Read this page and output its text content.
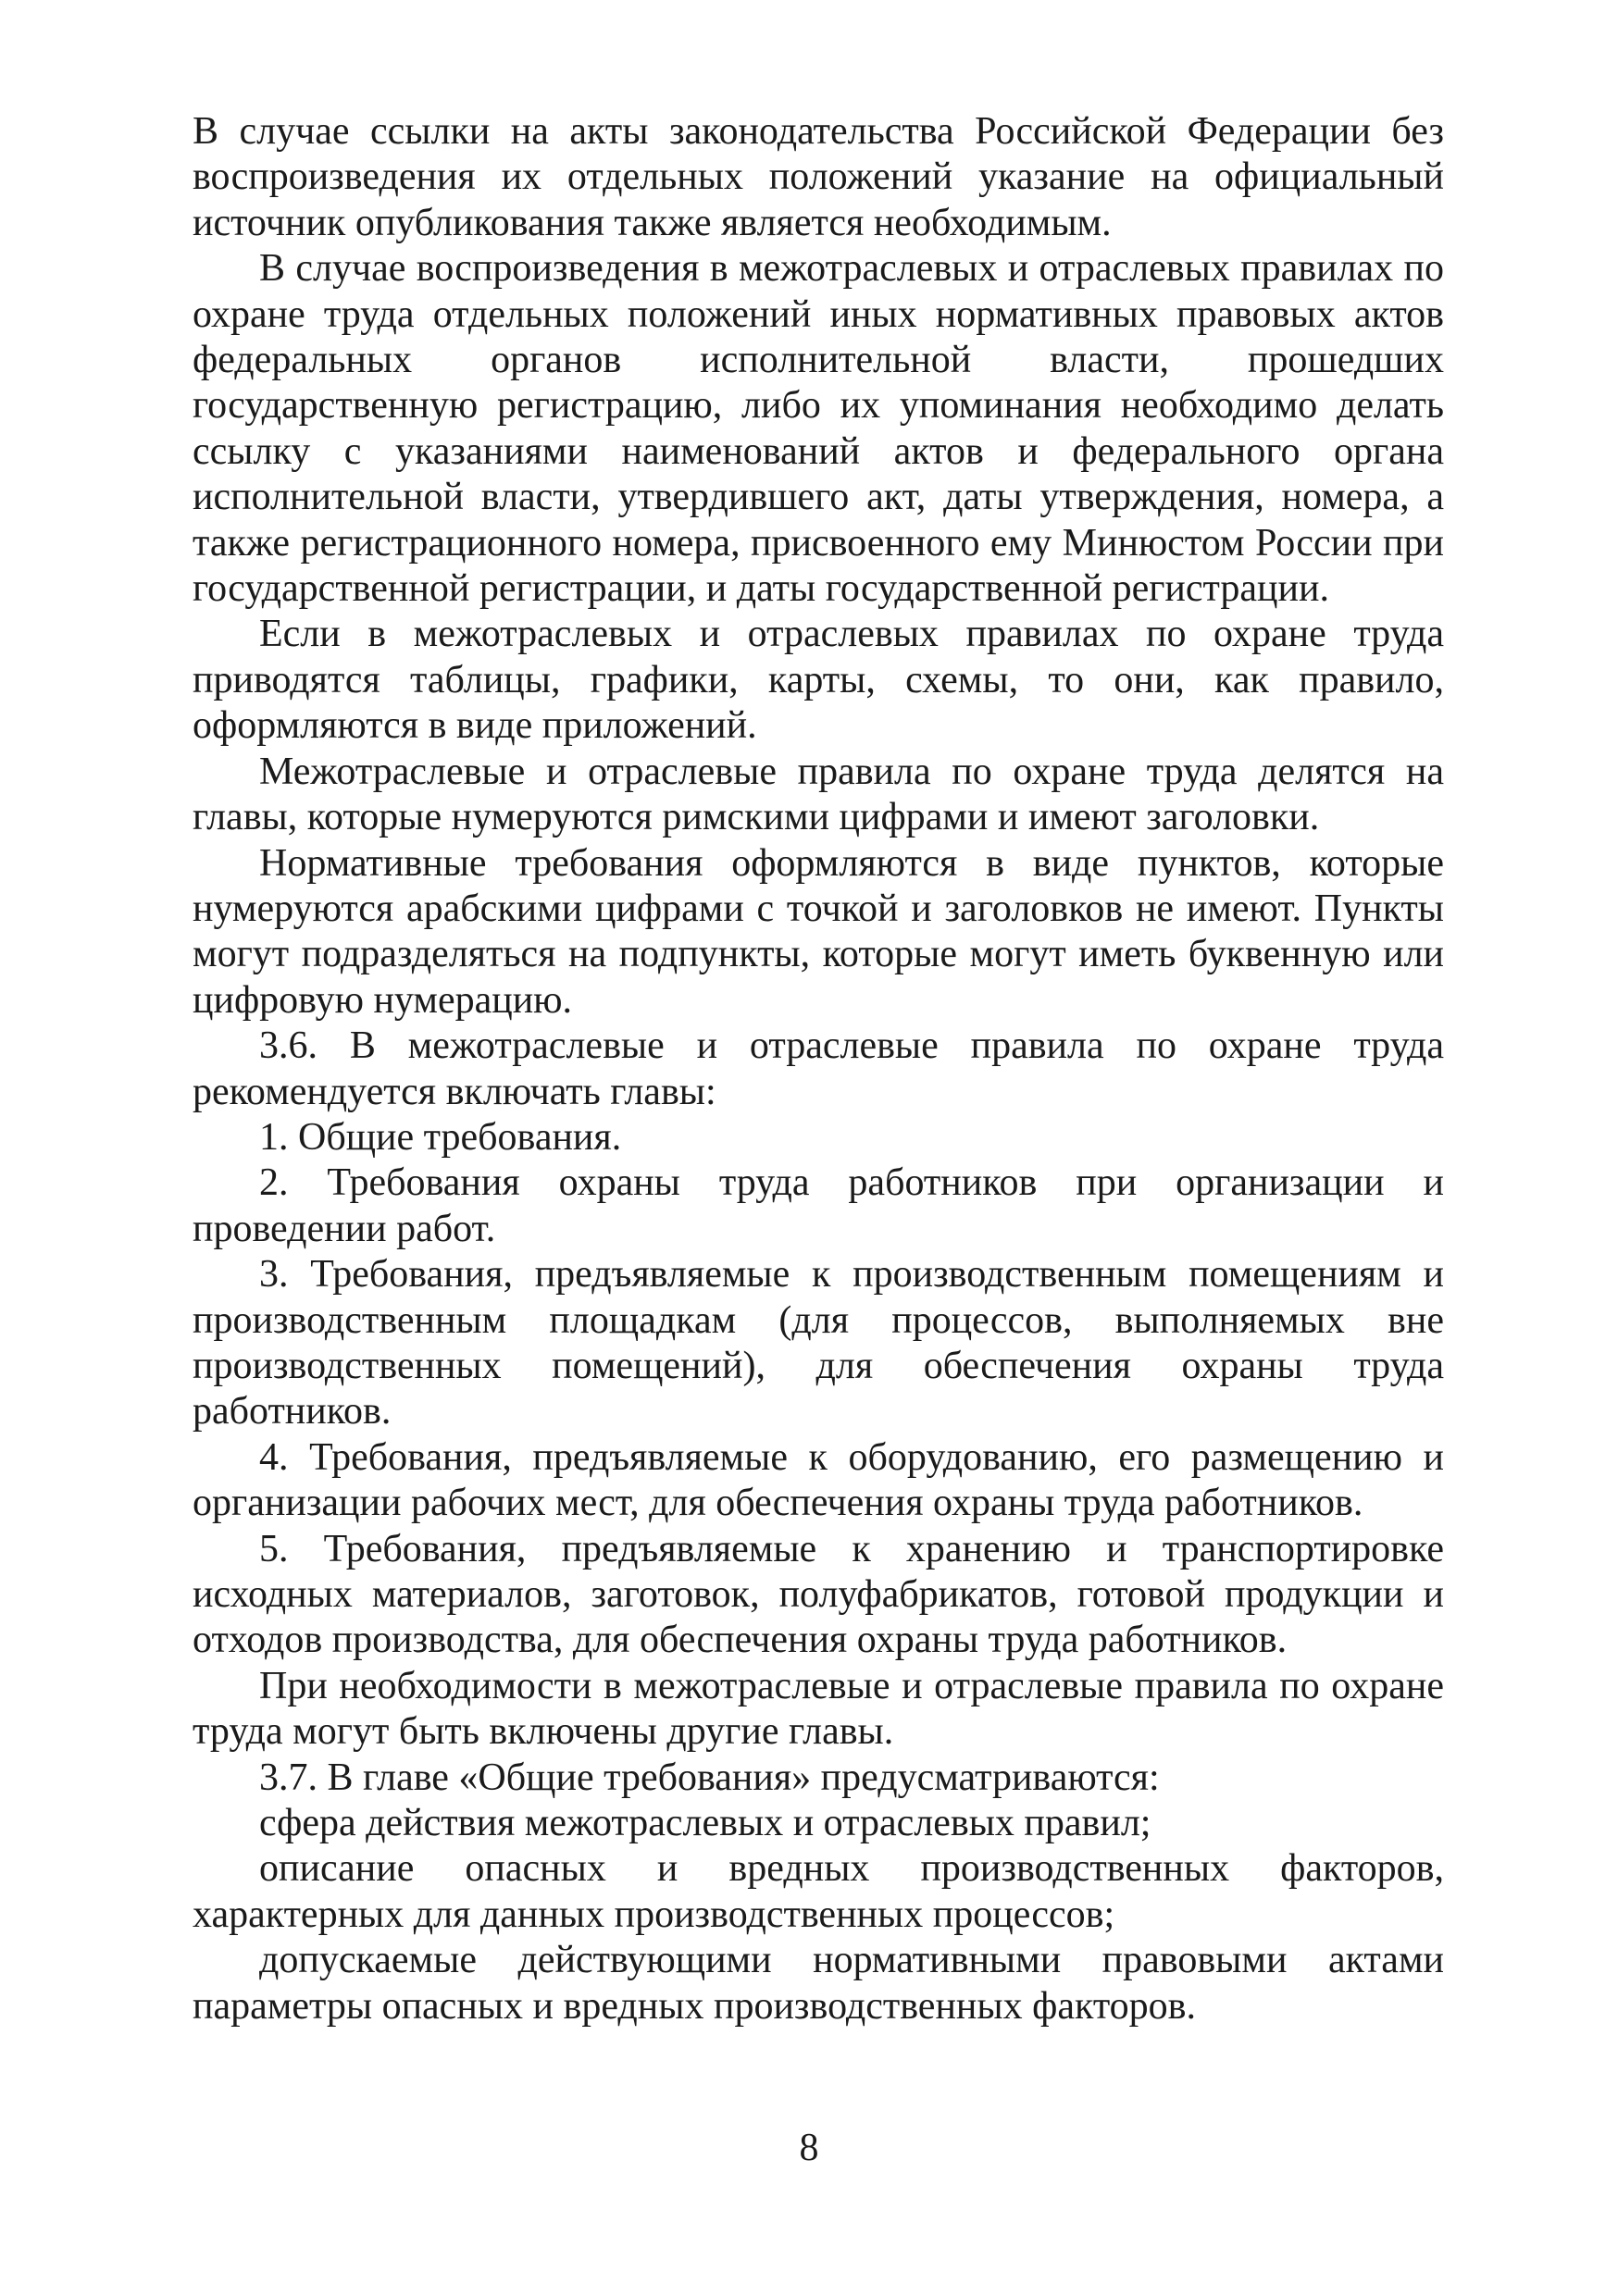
В случае ссылки на акты законодательства Российской Федерации без воспроизведения их отдельных положений указание на официальный источник опубликования также является необходимым.

В случае воспроизведения в межотраслевых и отраслевых правилах по охране труда отдельных положений иных нормативных правовых актов федеральных органов исполнительной власти, прошедших государственную регистрацию, либо их упоминания необходимо делать ссылку с указаниями наименований актов и федерального органа исполнительной власти, утвердившего акт, даты утверждения, номера, а также регистрационного номера, присвоенного ему Минюстом России при государственной регистрации, и даты государственной регистрации.

Если в межотраслевых и отраслевых правилах по охране труда приводятся таблицы, графики, карты, схемы, то они, как правило, оформляются в виде приложений.

Межотраслевые и отраслевые правила по охране труда делятся на главы, которые нумеруются римскими цифрами и имеют заголовки.

Нормативные требования оформляются в виде пунктов, которые нумеруются арабскими цифрами с точкой и заголовков не имеют. Пункты могут подразделяться на подпункты, которые могут иметь буквенную или цифровую нумерацию.

3.6. В межотраслевые и отраслевые правила по охране труда рекомендуется включать главы:

1. Общие требования.

2. Требования охраны труда работников при организации и проведении работ.

3. Требования, предъявляемые к производственным помещениям и производственным площадкам (для процессов, выполняемых вне производственных помещений), для обеспечения охраны труда работников.

4. Требования, предъявляемые к оборудованию, его размещению и организации рабочих мест, для обеспечения охраны труда работников.

5. Требования, предъявляемые к хранению и транспортировке исходных материалов, заготовок, полуфабрикатов, готовой продукции и отходов производства, для обеспечения охраны труда работников.

При необходимости в межотраслевые и отраслевые правила по охране труда могут быть включены другие главы.

3.7. В главе «Общие требования» предусматриваются:

сфера действия межотраслевых и отраслевых правил;

описание опасных и вредных производственных факторов, характерных для данных производственных процессов;

допускаемые действующими нормативными правовыми актами параметры опасных и вредных производственных факторов.

8
